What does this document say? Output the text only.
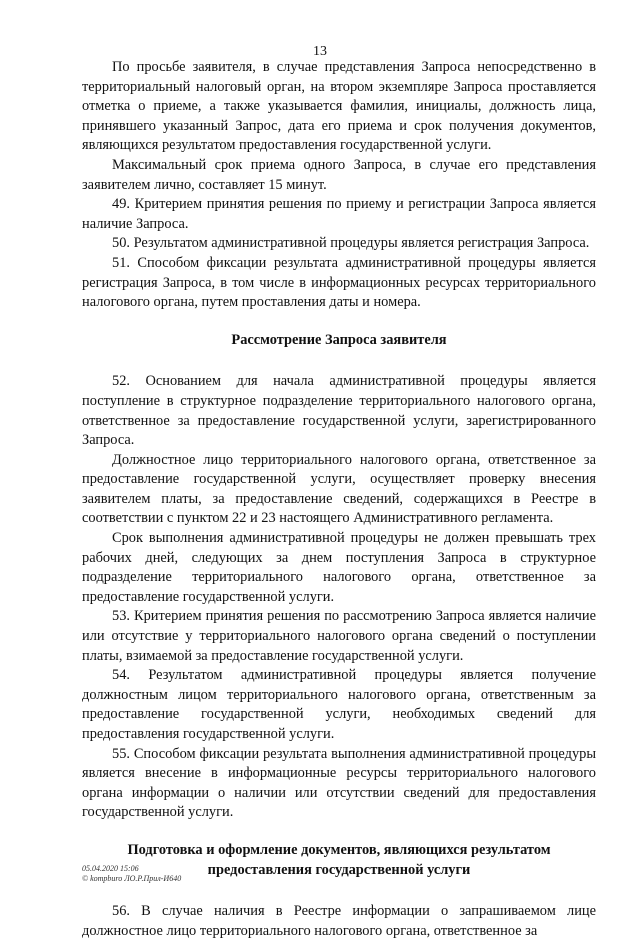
13

По просьбе заявителя, в случае представления Запроса непосредственно в территориальный налоговый орган, на втором экземпляре Запроса проставляется отметка о приеме, а также указывается фамилия, инициалы, должность лица, принявшего указанный Запрос, дата его приема и срок получения документов, являющихся результатом предоставления государственной услуги.

Максимальный срок приема одного Запроса, в случае его представления заявителем лично, составляет 15 минут.

49. Критерием принятия решения по приему и регистрации Запроса является наличие Запроса.

50. Результатом административной процедуры является регистрация Запроса.

51. Способом фиксации результата административной процедуры является регистрация Запроса, в том числе в информационных ресурсах территориального налогового органа, путем проставления даты и номера.

Рассмотрение Запроса заявителя

52. Основанием для начала административной процедуры является поступление в структурное подразделение территориального налогового органа, ответственное за предоставление государственной услуги, зарегистрированного Запроса.

Должностное лицо территориального налогового органа, ответственное за предоставление государственной услуги, осуществляет проверку внесения заявителем платы, за предоставление сведений, содержащихся в Реестре в соответствии с пунктом 22 и 23 настоящего Административного регламента.

Срок выполнения административной процедуры не должен превышать трех рабочих дней, следующих за днем поступления Запроса в структурное подразделение территориального налогового органа, ответственное за предоставление государственной услуги.

53. Критерием принятия решения по рассмотрению Запроса является наличие или отсутствие у территориального налогового органа сведений о поступлении платы, взимаемой за предоставление государственной услуги.

54. Результатом административной процедуры является получение должностным лицом территориального налогового органа, ответственным за предоставление государственной услуги, необходимых сведений для предоставления государственной услуги.

55. Способом фиксации результата выполнения административной процедуры является внесение в информационные ресурсы территориального налогового органа информации о наличии или отсутствии сведений для предоставления государственной услуги.

Подготовка и оформление документов, являющихся результатом предоставления государственной услуги

56. В случае наличия в Реестре информации о запрашиваемом лице должностное лицо территориального налогового органа, ответственное за

05.04.2020 15:06
© kompburo ЛО.Р.Прил-И640
